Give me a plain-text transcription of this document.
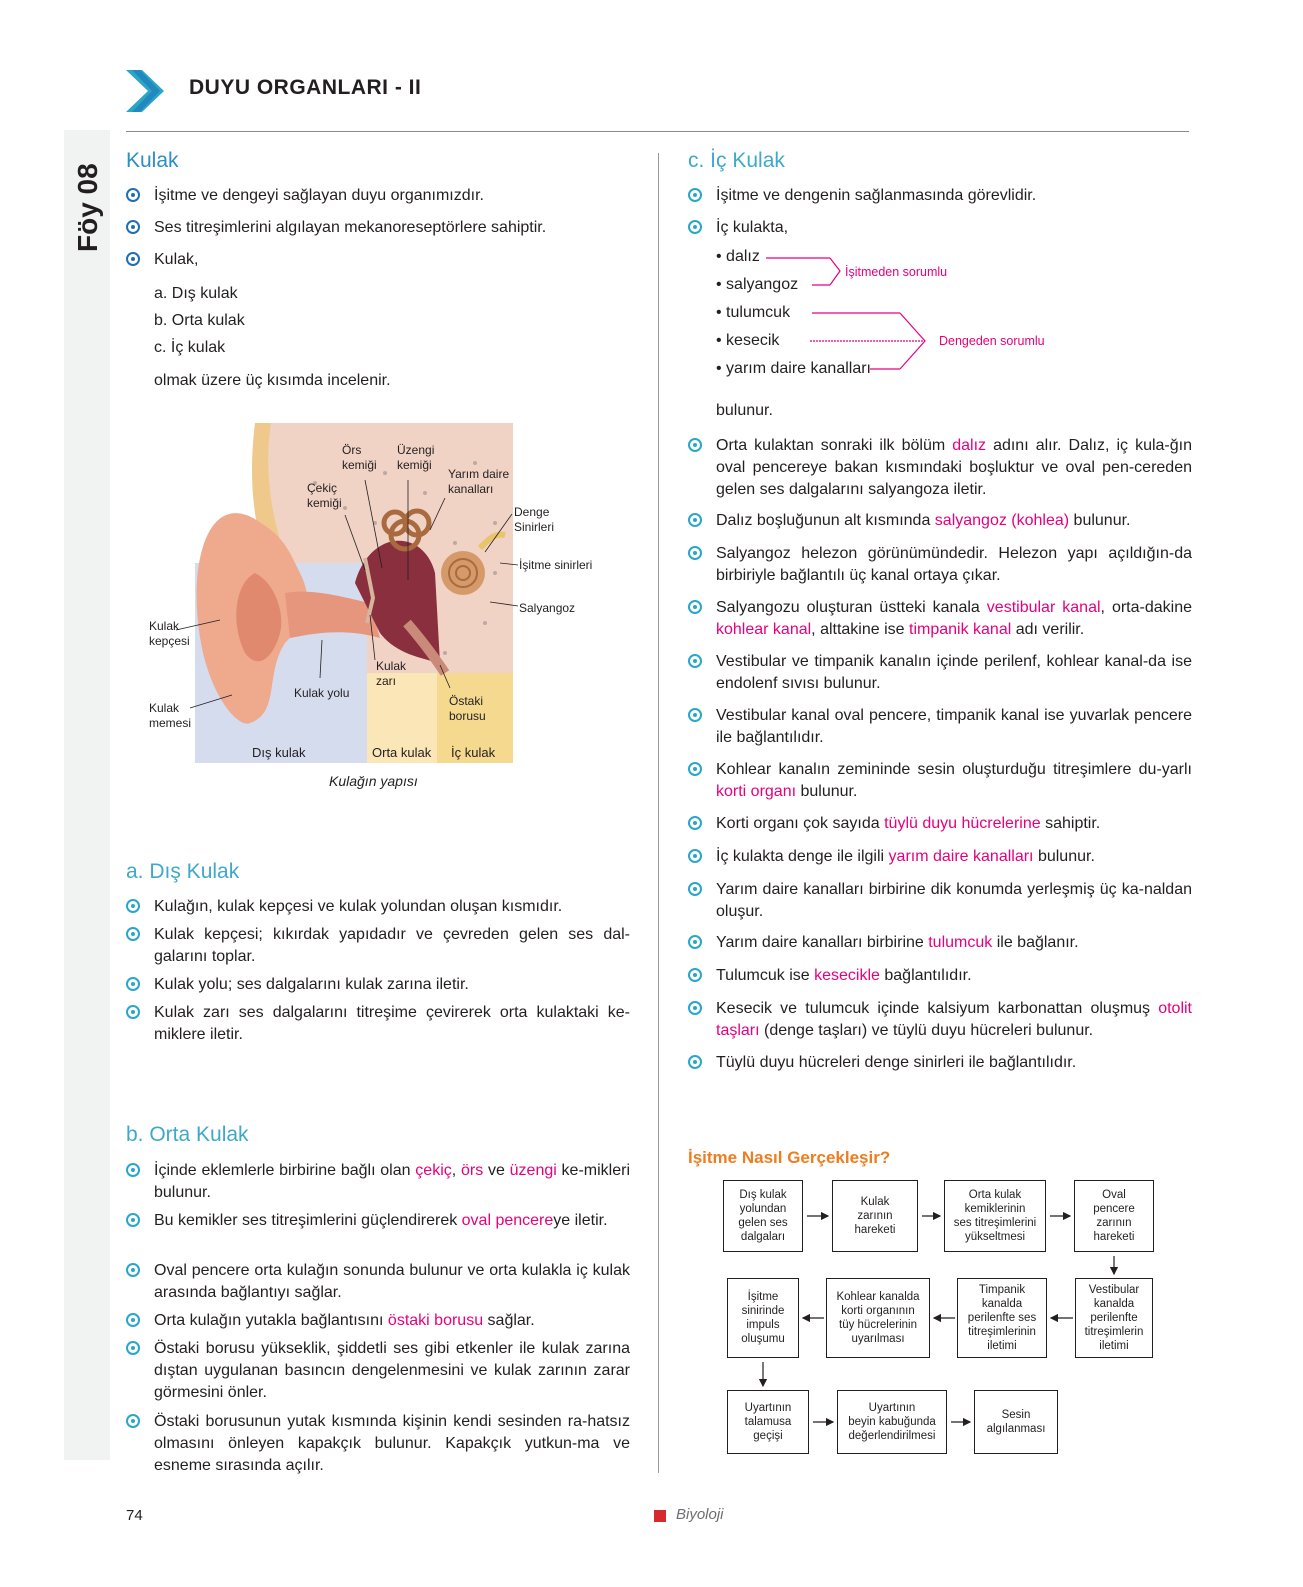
DUYU ORGANLARI - II
Föy 08
Kulak
İşitme ve dengeyi sağlayan duyu organımızdır.
Ses titreşimlerini algılayan mekanoreseptörlere sahiptir.
Kulak,
a. Dış kulak
b. Orta kulak
c. İç kulak
olmak üzere üç kısımda incelenir.
Örs
kemiği
Üzengi
kemiği
Çekiç
kemiği
Yarım daire
kanalları
Denge
Sinirleri
İşitme sinirleri
Salyangoz
Kulak
kepçesi
Kulak
zarı
Kulak yolu
Östaki
borusu
Kulak
memesi
Dış kulak	Orta kulak İç kulak
Kulağın yapısı
a. Dış Kulak
Kulağın, kulak kepçesi ve kulak yolundan oluşan kısmıdır.
Kulak kepçesi; kıkırdak yapıdadır ve çevreden gelen ses dal-galarını toplar.
Kulak yolu; ses dalgalarını kulak zarına iletir.
Kulak zarı ses dalgalarını titreşime çevirerek orta kulaktaki ke-miklere iletir.
b. Orta Kulak
İçinde eklemlerle birbirine bağlı olan çekiç, örs ve üzengi ke-mikleri bulunur.
Bu kemikler ses titreşimlerini güçlendirerek oval pencereye iletir.
Oval pencere orta kulağın sonunda bulunur ve orta kulakla iç kulak arasında bağlantıyı sağlar.
Orta kulağın yutakla bağlantısını östaki borusu sağlar.
Östaki borusu yükseklik, şiddetli ses gibi etkenler ile kulak zarına dıştan uygulanan basıncın dengelenmesini ve kulak zarının zarar görmesini önler.
Östaki borusunun yutak kısmında kişinin kendi sesinden ra-hatsız olmasını önleyen kapakçık bulunur. Kapakçık yutkun-ma ve esneme sırasında açılır.
c. İç Kulak
İşitme ve dengenin sağlanmasında görevlidir.
İç kulakta,
• dalız
• salyangoz
• tulumcuk
• kesecik
• yarım daire kanalları
İşitmeden sorumlu
Dengeden sorumlu
bulunur.
Orta kulaktan sonraki ilk bölüm dalız adını alır. Dalız, iç kula-ğın oval pencereye bakan kısmındaki boşluktur ve oval pen-cereden gelen ses dalgalarını salyangoza iletir.
Dalız boşluğunun alt kısmında salyangoz (kohlea) bulunur.
Salyangoz helezon görünümündedir. Helezon yapı açıldığın-da birbiriyle bağlantılı üç kanal ortaya çıkar.
Salyangozu oluşturan üstteki kanala vestibular kanal, orta-dakine kohlear kanal, alttakine ise timpanik kanal adı verilir.
Vestibular ve timpanik kanalın içinde perilenf, kohlear kanal-da ise endolenf sıvısı bulunur.
Vestibular kanal oval pencere, timpanik kanal ise yuvarlak pencere ile bağlantılıdır.
Kohlear kanalın zemininde sesin oluşturduğu titreşimlere du-yarlı korti organı bulunur.
Korti organı çok sayıda tüylü duyu hücrelerine sahiptir.
İç kulakta denge ile ilgili yarım daire kanalları bulunur.
Yarım daire kanalları birbirine dik konumda yerleşmiş üç ka-naldan oluşur.
Yarım daire kanalları birbirine tulumcuk ile bağlanır.
Tulumcuk ise kesecikle bağlantılıdır.
Kesecik ve tulumcuk içinde kalsiyum karbonattan oluşmuş otolit taşları (denge taşları) ve tüylü duyu hücreleri bulunur.
Tüylü duyu hücreleri denge sinirleri ile bağlantılıdır.
İşitme Nasıl Gerçekleşir?
Dış kulak
yolundan
gelen ses
dalgaları
Kulak
zarının
hareketi
Orta kulak
kemiklerinin
ses titreşimlerini
yükseltmesi
Oval
pencere
zarının
hareketi
Vestibular
kanalda
perilenfte
titreşimlerin
iletimi
Timpanik
kanalda
perilenfte ses
titreşimlerinin
iletimi
Kohlear kanalda
korti organının
tüy hücrelerinin
uyarılması
İşitme
sinirinde
impuls
oluşumu
Uyartının
talamusa
geçişi
Uyartının
beyin kabuğunda
değerlendirilmesi
Sesin
algılanması
74	Biyoloji
